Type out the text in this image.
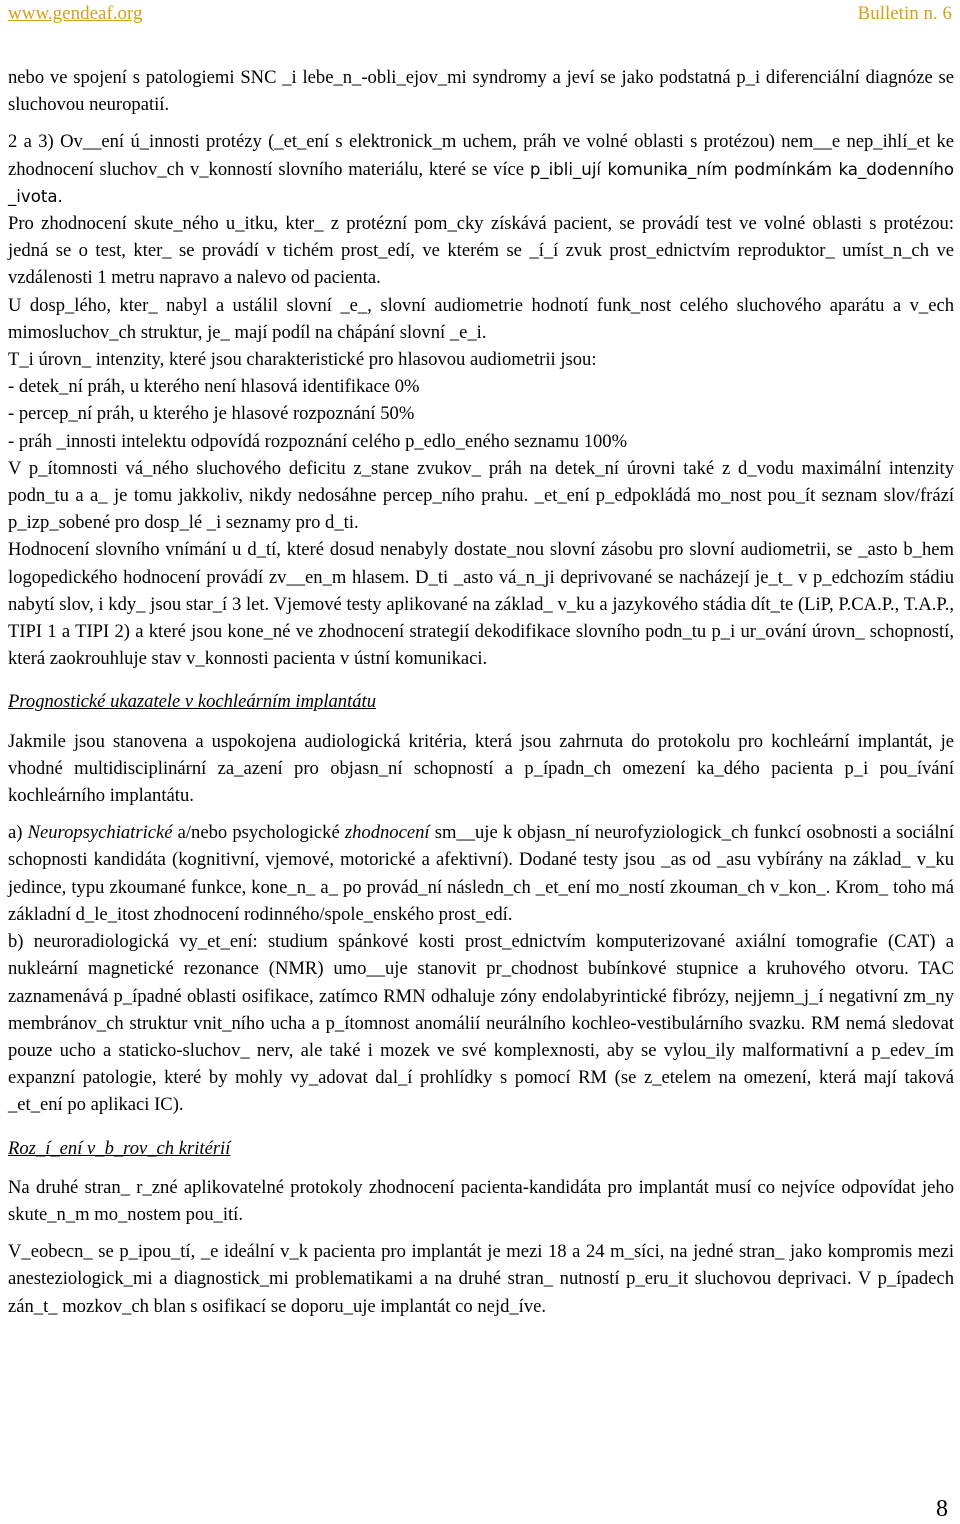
www.gendeaf.org	Bulletin n. 6

nebo ve spojení s patologiemi SNC _i lebe_n_-obli_ejov_mi syndromy a jeví se jako podstatná p_i diferenciální diagnóze se sluchovou neuropatií.

2 a 3) Ov__ení ú_innosti protézy (_et_ení s elektronick_m uchem, práh ve volné oblasti s protézou) nem__e nep_ihlí_et ke zhodnocení sluchov_ch v_konností slovního materiálu, které se více p_ibli_ují komunika_ním podmínkám ka_dodenního _ivota.

Pro zhodnocení skute_ného u_itku, kter_ z protézní pom_cky získává pacient, se provádí test ve volné oblasti s protézou: jedná se o test, kter_ se provádí v tichém prost_edí, ve kterém se _í_í zvuk prost_ednictvím reproduktor_ umíst_n_ch ve vzdálenosti 1 metru napravo a nalevo od pacienta.

U dosp_lého, kter_ nabyl a ustálil slovní _e_, slovní audiometrie hodnotí funk_nost celého sluchového aparátu a v_ech mimosluchov_ch struktur, je_ mají podíl na chápání slovní _e_i.

T_i úrovn_ intenzity, které jsou charakteristické pro hlasovou audiometrii jsou:

- detek_ní práh, u kterého není hlasová identifikace 0%

- percep_ní práh, u kterého je hlasové rozpoznání 50%

- práh _innosti intelektu odpovídá rozpoznání celého p_edlo_eného seznamu 100%

V p_ítomnosti vá_ného sluchového deficitu z_stane zvukov_ práh na detek_ní úrovni také z d_vodu maximální intenzity podn_tu a a_ je tomu jakkoliv, nikdy nedosáhne percep_ního prahu. _et_ení p_edpokládá mo_nost pou_ít seznam slov/frází p_izp_sobené pro dosp_lé _i seznamy pro d_ti.

Hodnocení slovního vnímání u d_tí, které dosud nenabyly dostate_nou slovní zásobu pro slovní audiometrii, se _asto b_hem logopedického hodnocení provádí zv__en_m hlasem. D_ti _asto vá_n_ji deprivované se nacházejí je_t_ v p_edchozím stádiu nabytí slov, i kdy_ jsou star_í 3 let. Vjemové testy aplikované na základ_ v_ku a jazykového stádia dít_te (LiP, P.CA.P., T.A.P., TIPI 1 a TIPI 2) a které jsou kone_né ve zhodnocení strategií dekodifikace slovního podn_tu p_i ur_ování úrovn_ schopností, která zaokrouhluje stav v_konnosti pacienta v ústní komunikaci.

Prognostické ukazatele v kochleárním implantátu

Jakmile jsou stanovena a uspokojena audiologická kritéria, která jsou zahrnuta do protokolu pro kochleární implantát, je vhodné multidisciplinární za_azení pro objasn_ní schopností a p_ípadn_ch omezení ka_dého pacienta p_i pou_ívání kochleárního implantátu.

a) Neuropsychiatrické a/nebo psychologické zhodnocení sm__uje k objasn_ní neurofyziologick_ch funkcí osobnosti a sociální schopnosti kandidáta (kognitivní, vjemové, motorické a afektivní). Dodané testy jsou _as od _asu vybírány na základ_ v_ku jedince, typu zkoumané funkce, kone_n_ a_ po provád_ní následn_ch _et_ení mo_ností zkouman_ch v_kon_. Krom_ toho má základní d_le_itost zhodnocení rodinného/spole_enského prost_edí.

b) neuroradiologická vy_et_ení: studium spánkové kosti prost_ednictvím komputerizované axiální tomografie (CAT) a nukleární magnetické rezonance (NMR) umo__uje stanovit pr_chodnost bubínkové stupnice a kruhového otvoru. TAC zaznamenává p_ípadné oblasti osifikace, zatímco RMN odhaluje zóny endolabyrintické fibrózy, nejjemn_j_í negativní zm_ny membránov_ch struktur vnit_ního ucha a p_ítomnost anomálií neurálního kochleo-vestibulárního svazku. RM nemá sledovat pouze ucho a staticko-sluchov_ nerv, ale také i mozek ve své komplexnosti, aby se vylou_ily malformativní a p_edev_ím expanzní patologie, které by mohly vy_adovat dal_í prohlídky s pomocí RM (se z_etelem na omezení, která mají taková _et_ení po aplikaci IC).

Roz_í_ení v_b_rov_ch kritérií

Na druhé stran_ r_zné aplikovatelné protokoly zhodnocení pacienta-kandidáta pro implantát musí co nejvíce odpovídat jeho skute_n_m mo_nostem pou_ití.

V_eobecn_ se p_ipou_tí, _e ideální v_k pacienta pro implantát je mezi 18 a 24 m_síci, na jedné stran_ jako kompromis mezi anesteziologick_mi a diagnostick_mi problematikami a na druhé stran_ nutností p_eru_it sluchovou deprivaci. V p_ípadech zán_t_ mozkov_ch blan s osifikací se doporu_uje implantát co nejd_íve.

8
